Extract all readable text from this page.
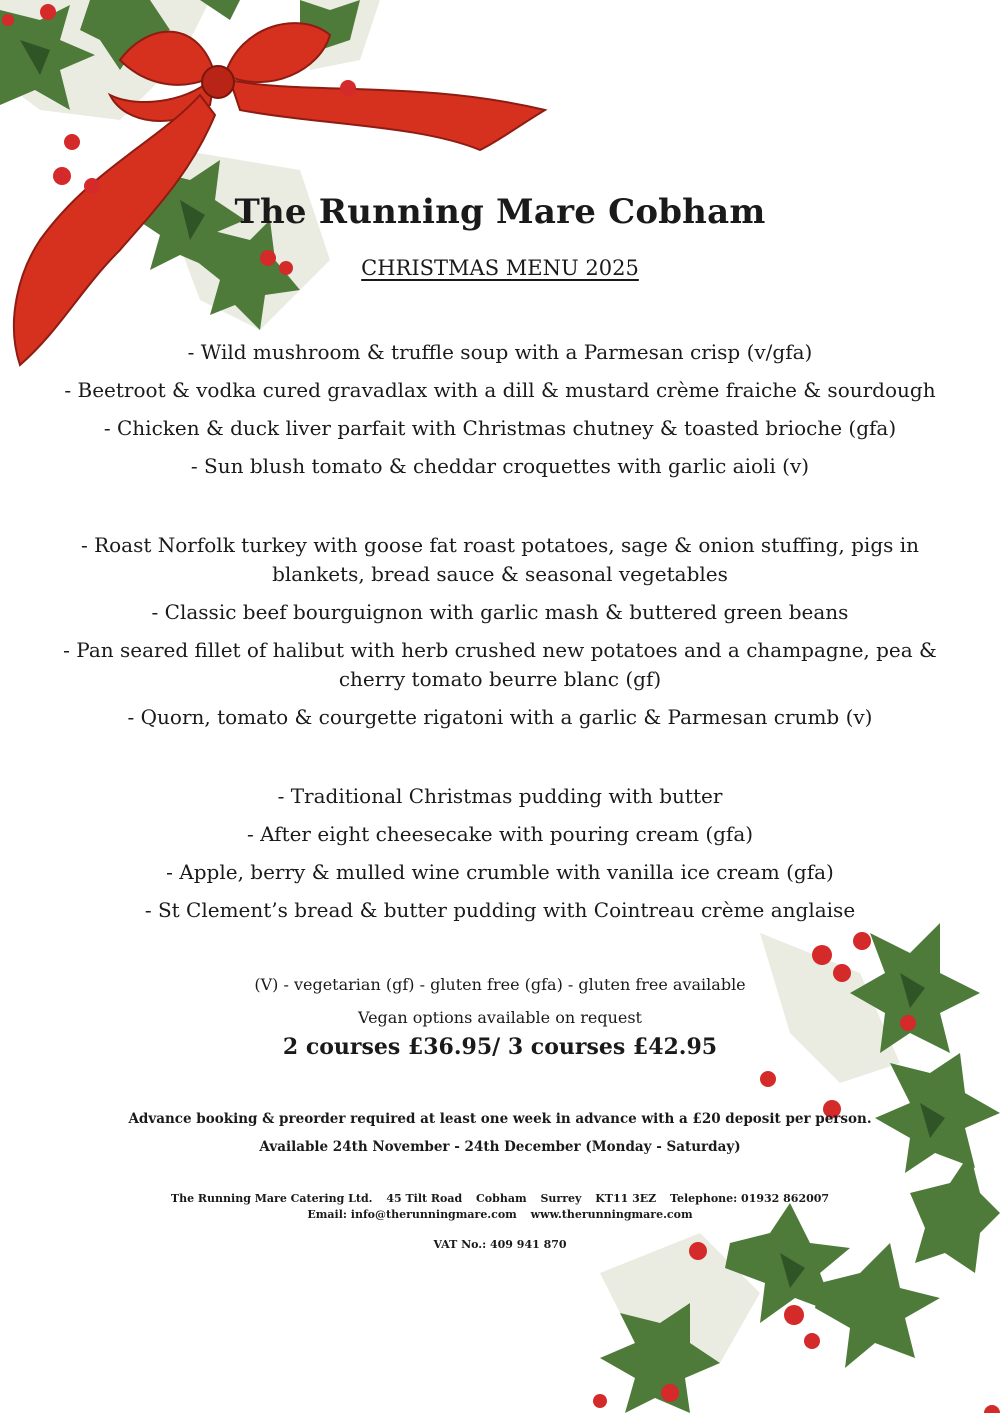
The Running Mare Cobham
CHRISTMAS MENU 2025
- Wild mushroom & truffle soup with a Parmesan crisp (v/gfa)
- Beetroot & vodka cured gravadlax with a dill & mustard crème fraiche & sourdough
- Chicken & duck liver parfait with Christmas chutney & toasted brioche (gfa)
- Sun blush tomato & cheddar croquettes with garlic aioli (v)
- Roast Norfolk turkey with goose fat roast potatoes, sage & onion stuffing, pigs in blankets, bread sauce & seasonal vegetables
- Classic beef bourguignon with garlic mash & buttered green beans
- Pan seared fillet of halibut with herb crushed new potatoes and a champagne, pea & cherry tomato beurre blanc (gf)
- Quorn, tomato & courgette rigatoni with a garlic & Parmesan crumb (v)
- Traditional Christmas pudding with butter
- After eight cheesecake with pouring cream (gfa)
- Apple, berry & mulled wine crumble with vanilla ice cream (gfa)
- St Clement’s bread & butter pudding with Cointreau crème anglaise
(V) - vegetarian (gf) - gluten free (gfa) - gluten free available
Vegan options available on request
2 courses £36.95/ 3 courses £42.95
Advance booking & preorder required at least one week in advance with a £20 deposit per person.
Available 24th November - 24th December (Monday - Saturday)
The Running Mare Catering Ltd. 45 Tilt Road Cobham Surrey KT11 3EZ Telephone: 01932 862007
Email: info@therunningmare.com www.therunningmare.com
VAT No.: 409 941 870
